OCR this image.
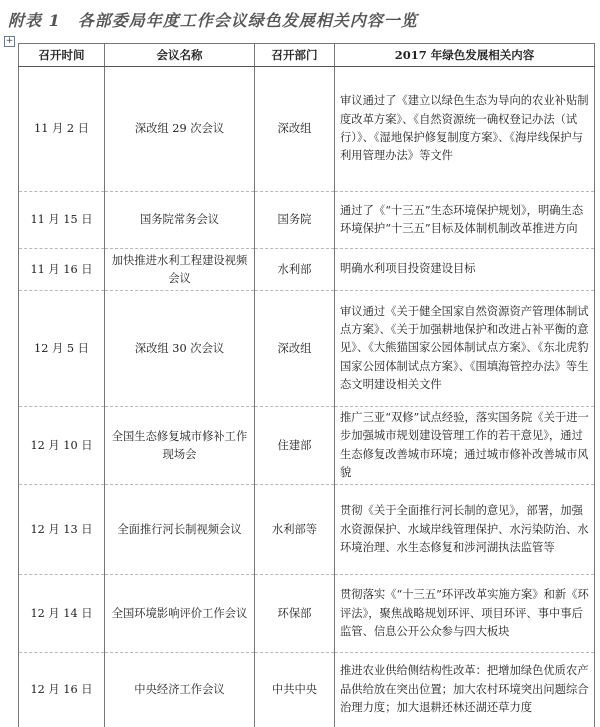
附表 1　各部委局年度工作会议绿色发展相关内容一览
+
召开时间	会议名称	召开部门	2017 年绿色发展相关内容
11 月 2 日	深改组 29 次会议	深改组	审议通过了《建立以绿色生态为导向的农业补贴制度改革方案》、《自然资源统一确权登记办法（试行）》、《湿地保护修复制度方案》、《海岸线保护与利用管理办法》等文件
11 月 15 日	国务院常务会议	国务院	通过了《“十三五”生态环境保护规划》，明确生态环境保护“十三五”目标及体制机制改革推进方向
11 月 16 日	加快推进水利工程建设视频会议	水利部	明确水利项目投资建设目标
12 月 5 日	深改组 30 次会议	深改组	审议通过《关于健全国家自然资源资产管理体制试点方案》、《关于加强耕地保护和改进占补平衡的意见》、《大熊猫国家公园体制试点方案》、《东北虎豹国家公园体制试点方案》、《围填海管控办法》等生态文明建设相关文件
12 月 10 日	全国生态修复城市修补工作现场会	住建部	推广三亚“双修”试点经验，落实国务院《关于进一步加强城市规划建设管理工作的若干意见》，通过生态修复改善城市环境；通过城市修补改善城市风貌
12 月 13 日	全面推行河长制视频会议	水利部等	贯彻《关于全面推行河长制的意见》，部署，加强水资源保护、水域岸线管理保护、水污染防治、水环境治理、水生态修复和涉河湖执法监管等
12 月 14 日	全国环境影响评价工作会议	环保部	贯彻落实《“十三五”环评改革实施方案》和新《环评法》，聚焦战略规划环评、项目环评、事中事后监管、信息公开公众参与四大板块
12 月 16 日	中央经济工作会议	中共中央	推进农业供给侧结构性改革：把增加绿色优质农产品供给放在突出位置；加大农村环境突出问题综合治理力度；加大退耕还林还湖还草力度
